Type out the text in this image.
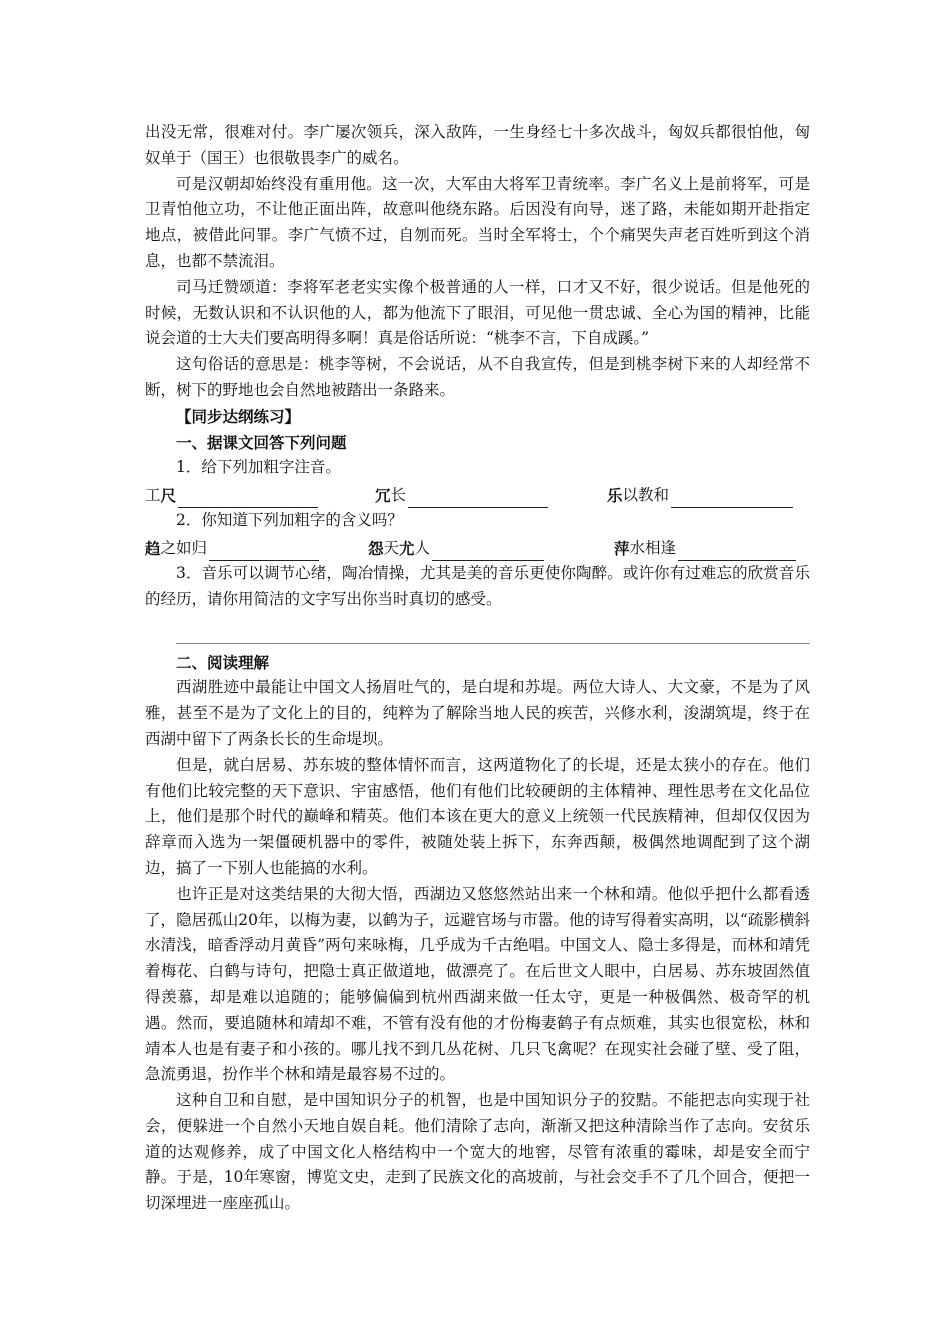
出没无常，很难对付。李广屡次领兵，深入敌阵，一生身经七十多次战斗，匈奴兵都很怕他，匈奴单于（国王）也很敬畏李广的威名。

可是汉朝却始终没有重用他。这一次，大军由大将军卫青统率。李广名义上是前将军，可是卫青怕他立功，不让他正面出阵，故意叫他绕东路。后因没有向导，迷了路，未能如期开赴指定地点，被借此问罪。李广气愤不过，自刎而死。当时全军将士，个个痛哭失声老百姓听到这个消息，也都不禁流泪。

司马迁赞颂道：李将军老老实实像个极普通的人一样，口才又不好，很少说话。但是他死的时候，无数认识和不认识他的人，都为他流下了眼泪，可见他一贯忠诚、全心为国的精神，比能说会道的士大夫们要高明得多啊！真是俗话所说：“桃李不言，下自成蹊。”

这句俗话的意思是：桃李等树，不会说话，从不自我宣传，但是到桃李树下来的人却经常不断，树下的野地也会自然地被踏出一条路来。

【同步达纲练习】
一、据课文回答下列问题
1．给下列加粗字注音。
工 尺	冗 长	乐 以教和
2．你知道下列加粗字的含义吗？
趋 之如归	怨 天 尤 人	萍 水相逢

3．音乐可以调节心绪，陶冶情操，尤其是美的音乐更使你陶醉。或许你有过难忘的欣赏音乐的经历，请你用简洁的文字写出你当时真切的感受。

二、阅读理解

西湖胜迹中最能让中国文人扬眉吐气的，是白堤和苏堤。两位大诗人、大文豪，不是为了风雅，甚至不是为了文化上的目的，纯粹为了解除当地人民的疾苦，兴修水利，浚湖筑堤，终于在西湖中留下了两条长长的生命堤坝。

但是，就白居易、苏东坡的整体情怀而言，这两道物化了的长堤，还是太狭小的存在。他们有他们比较完整的天下意识、宇宙感悟，他们有他们比较硬朗的主体精神、理性思考在文化品位上，他们是那个时代的巅峰和精英。他们本该在更大的意义上统领一代民族精神，但却仅仅因为辞章而入选为一架僵硬机器中的零件，被随处装上拆下，东奔西颠，极偶然地调配到了这个湖边，搞了一下别人也能搞的水利。

也许正是对这类结果的大彻大悟，西湖边又悠悠然站出来一个林和靖。他似乎把什么都看透了，隐居孤山20年，以梅为妻，以鹤为子，远避官场与市嚣。他的诗写得着实高明，以“疏影横斜水清浅，暗香浮动月黄昏”两句来咏梅，几乎成为千古绝唱。中国文人、隐士多得是，而林和靖凭着梅花、白鹤与诗句，把隐士真正做道地，做漂亮了。在后世文人眼中，白居易、苏东坡固然值得羡慕，却是难以追随的；能够偏偏到杭州西湖来做一任太守，更是一种极偶然、极奇罕的机遇。然而，要追随林和靖却不难，不管有没有他的才份梅妻鹤子有点烦难，其实也很宽松，林和靖本人也是有妻子和小孩的。哪儿找不到几丛花树、几只飞禽呢？在现实社会碰了壁、受了阻，急流勇退，扮作半个林和靖是最容易不过的。

这种自卫和自慰，是中国知识分子的机智，也是中国知识分子的狡黠。不能把志向实现于社会，便躲进一个自然小天地自娱自耗。他们清除了志向，渐渐又把这种清除当作了志向。安贫乐道的达观修养，成了中国文化人格结构中一个宽大的地窖，尽管有浓重的霉味，却是安全而宁静。于是，10年寒窗，博览文史，走到了民族文化的高坡前，与社会交手不了几个回合，便把一切深埋进一座座孤山。
